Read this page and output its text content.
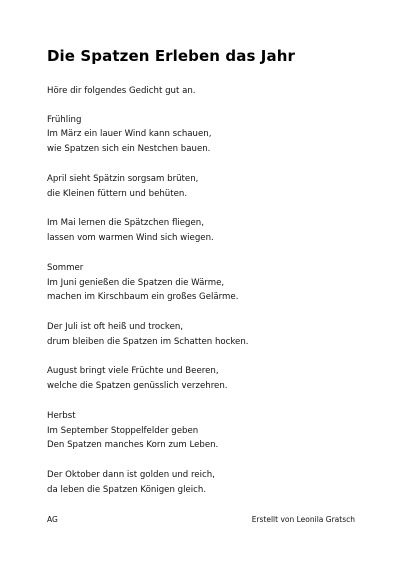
Die Spatzen Erleben das Jahr
Höre dir folgendes Gedicht gut an.
Frühling
Im März ein lauer Wind kann schauen,
wie Spatzen sich ein Nestchen bauen.
April sieht Spätzin sorgsam brüten,
die Kleinen füttern und behüten.
Im Mai lernen die Spätzchen fliegen,
lassen vom warmen Wind sich wiegen.
Sommer
Im Juni genießen die Spatzen die Wärme,
machen im Kirschbaum ein großes Gelärme.
Der Juli ist oft heiß und trocken,
drum bleiben die Spatzen im Schatten hocken.
August bringt viele Früchte und Beeren,
welche die Spatzen genüsslich verzehren.
Herbst
Im September Stoppelfelder geben
Den Spatzen manches Korn zum Leben.
Der Oktober dann ist golden und reich,
da leben die Spatzen Königen gleich.
AG	Erstellt von Leonila Gratsch
